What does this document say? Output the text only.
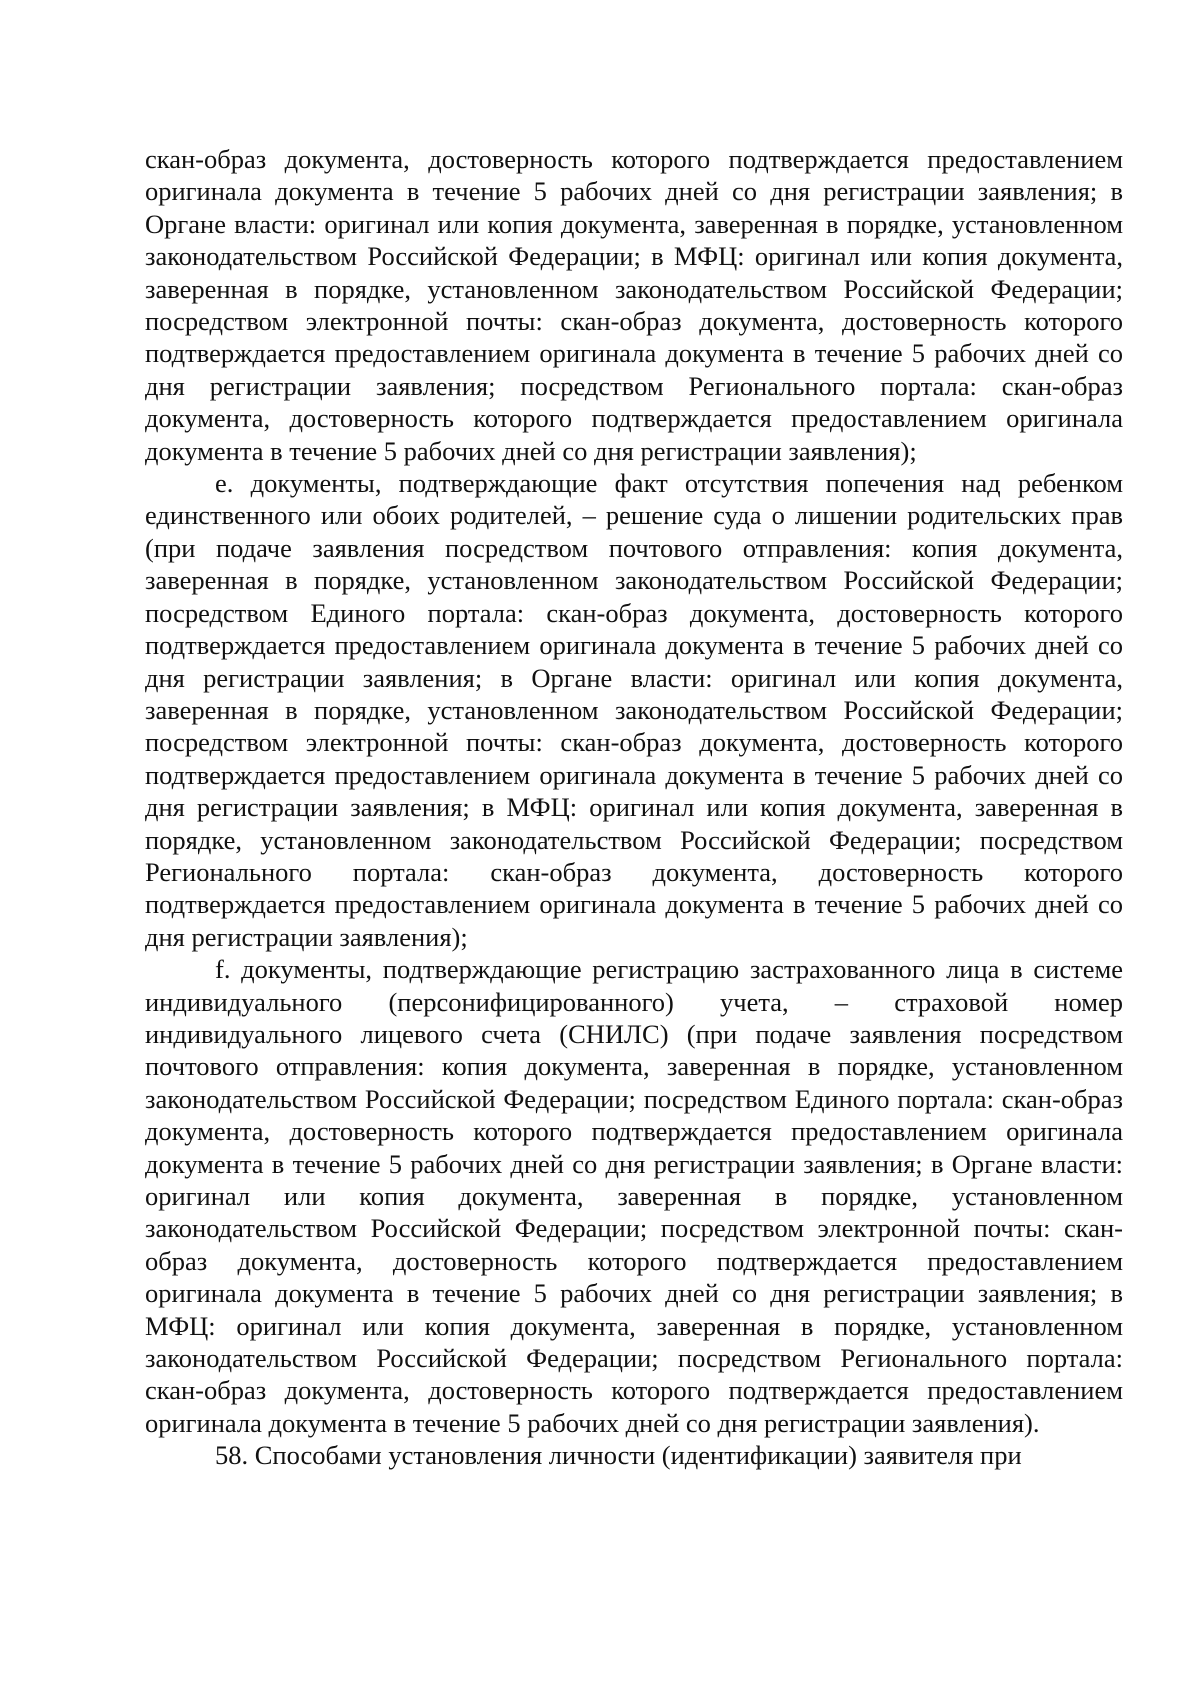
скан-образ документа, достоверность которого подтверждается предоставлением оригинала документа в течение 5 рабочих дней со дня регистрации заявления; в Органе власти: оригинал или копия документа, заверенная в порядке, установленном законодательством Российской Федерации; в МФЦ: оригинал или копия документа, заверенная в порядке, установленном законодательством Российской Федерации; посредством электронной почты: скан-образ документа, достоверность которого подтверждается предоставлением оригинала документа в течение 5 рабочих дней со дня регистрации заявления; посредством Регионального портала: скан-образ документа, достоверность которого подтверждается предоставлением оригинала документа в течение 5 рабочих дней со дня регистрации заявления);

e. документы, подтверждающие факт отсутствия попечения над ребенком единственного или обоих родителей, – решение суда о лишении родительских прав (при подаче заявления посредством почтового отправления: копия документа, заверенная в порядке, установленном законодательством Российской Федерации; посредством Единого портала: скан-образ документа, достоверность которого подтверждается предоставлением оригинала документа в течение 5 рабочих дней со дня регистрации заявления; в Органе власти: оригинал или копия документа, заверенная в порядке, установленном законодательством Российской Федерации; посредством электронной почты: скан-образ документа, достоверность которого подтверждается предоставлением оригинала документа в течение 5 рабочих дней со дня регистрации заявления; в МФЦ: оригинал или копия документа, заверенная в порядке, установленном законодательством Российской Федерации; посредством Регионального портала: скан-образ документа, достоверность которого подтверждается предоставлением оригинала документа в течение 5 рабочих дней со дня регистрации заявления);

f. документы, подтверждающие регистрацию застрахованного лица в системе индивидуального (персонифицированного) учета, – страховой номер индивидуального лицевого счета (СНИЛС) (при подаче заявления посредством почтового отправления: копия документа, заверенная в порядке, установленном законодательством Российской Федерации; посредством Единого портала: скан-образ документа, достоверность которого подтверждается предоставлением оригинала документа в течение 5 рабочих дней со дня регистрации заявления; в Органе власти: оригинал или копия документа, заверенная в порядке, установленном законодательством Российской Федерации; посредством электронной почты: скан-образ документа, достоверность которого подтверждается предоставлением оригинала документа в течение 5 рабочих дней со дня регистрации заявления; в МФЦ: оригинал или копия документа, заверенная в порядке, установленном законодательством Российской Федерации; посредством Регионального портала: скан-образ документа, достоверность которого подтверждается предоставлением оригинала документа в течение 5 рабочих дней со дня регистрации заявления).

58. Способами установления личности (идентификации) заявителя при
